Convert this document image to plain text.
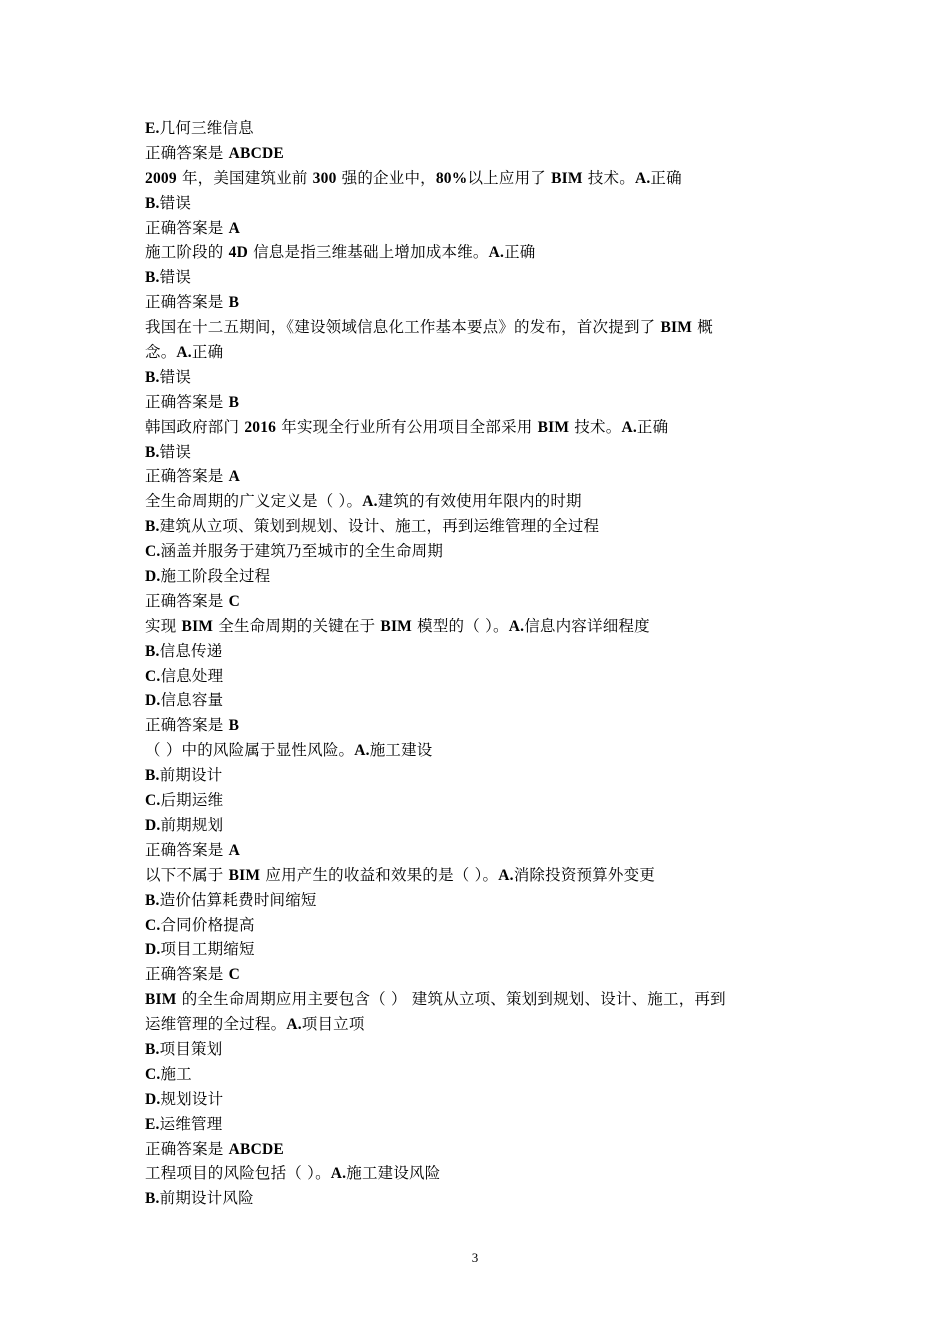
E.几何三维信息
正确答案是 ABCDE
2009 年，美国建筑业前 300 强的企业中，80%以上应用了 BIM 技术。A.正确
B.错误
正确答案是 A
施工阶段的 4D 信息是指三维基础上增加成本维。A.正确
B.错误
正确答案是 B
我国在十二五期间，《建设领域信息化工作基本要点》的发布，首次提到了 BIM 概
念。A.正确
B.错误
正确答案是 B
韩国政府部门 2016 年实现全行业所有公用项目全部采用 BIM 技术。A.正确
B.错误
正确答案是 A
全生命周期的广义定义是（ ）。A.建筑的有效使用年限内的时期
B.建筑从立项、策划到规划、设计、施工，再到运维管理的全过程
C.涵盖并服务于建筑乃至城市的全生命周期
D.施工阶段全过程
正确答案是 C
实现 BIM 全生命周期的关键在于 BIM 模型的（ ）。A.信息内容详细程度
B.信息传递
C.信息处理
D.信息容量
正确答案是 B
（ ）中的风险属于显性风险。A.施工建设
B.前期设计
C.后期运维
D.前期规划
正确答案是 A
以下不属于 BIM 应用产生的收益和效果的是（ ）。A.消除投资预算外变更
B.造价估算耗费时间缩短
C.合同价格提高
D.项目工期缩短
正确答案是 C
BIM 的全生命周期应用主要包含（ ） 建筑从立项、策划到规划、设计、施工，再到
运维管理的全过程。A.项目立项
B.项目策划
C.施工
D.规划设计
E.运维管理
正确答案是 ABCDE
工程项目的风险包括（ ）。A.施工建设风险
B.前期设计风险
3
